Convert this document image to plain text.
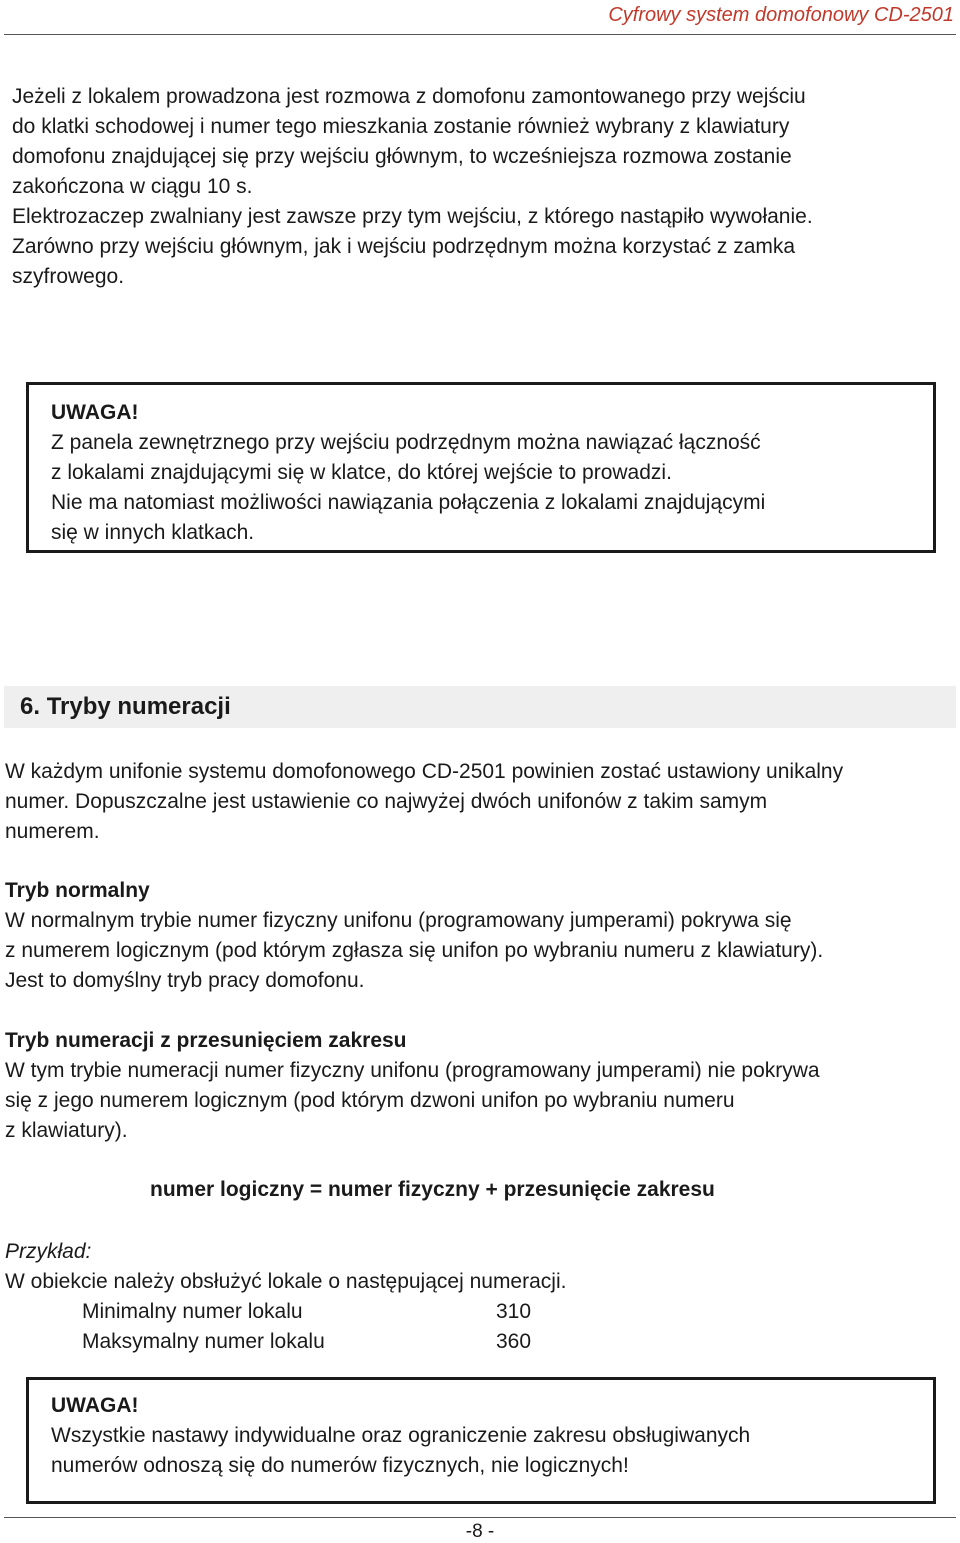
Cyfrowy system domofonowy CD-2501
Jeżeli z lokalem prowadzona jest rozmowa z domofonu zamontowanego przy wejściu
do klatki schodowej i numer tego mieszkania zostanie również wybrany z klawiatury
domofonu znajdującej się przy wejściu głównym, to wcześniejsza rozmowa zostanie
zakończona w ciągu 10 s.
Elektrozaczep zwalniany jest zawsze przy tym wejściu, z którego nastąpiło wywołanie.
Zarówno przy wejściu głównym, jak i wejściu podrzędnym można korzystać z zamka
szyfrowego.
UWAGA!
Z panela zewnętrznego przy wejściu podrzędnym można nawiązać łączność
z lokalami znajdującymi się w klatce, do której wejście to prowadzi.
Nie ma natomiast możliwości nawiązania połączenia z lokalami znajdującymi
się w innych klatkach.
6. Tryby numeracji
W każdym unifonie systemu domofonowego CD-2501 powinien zostać ustawiony unikalny
numer. Dopuszczalne jest ustawienie co najwyżej dwóch unifonów z takim samym
numerem.
Tryb normalny
W normalnym trybie numer fizyczny unifonu (programowany jumperami) pokrywa się
z numerem logicznym (pod którym zgłasza się unifon po wybraniu numeru z klawiatury).
Jest to domyślny tryb pracy domofonu.
Tryb numeracji z przesunięciem zakresu
W tym trybie numeracji numer fizyczny unifonu (programowany jumperami) nie pokrywa
się z jego numerem logicznym (pod którym dzwoni unifon po wybraniu numeru
z klawiatury).
numer logiczny = numer fizyczny + przesunięcie zakresu
Przykład:
W obiekcie należy obsłużyć lokale o następującej numeracji.
Minimalny numer lokalu	310
Maksymalny numer lokalu	360
UWAGA!
Wszystkie nastawy indywidualne oraz ograniczenie zakresu obsługiwanych
numerów odnoszą się do numerów fizycznych, nie logicznych!
-8 -
